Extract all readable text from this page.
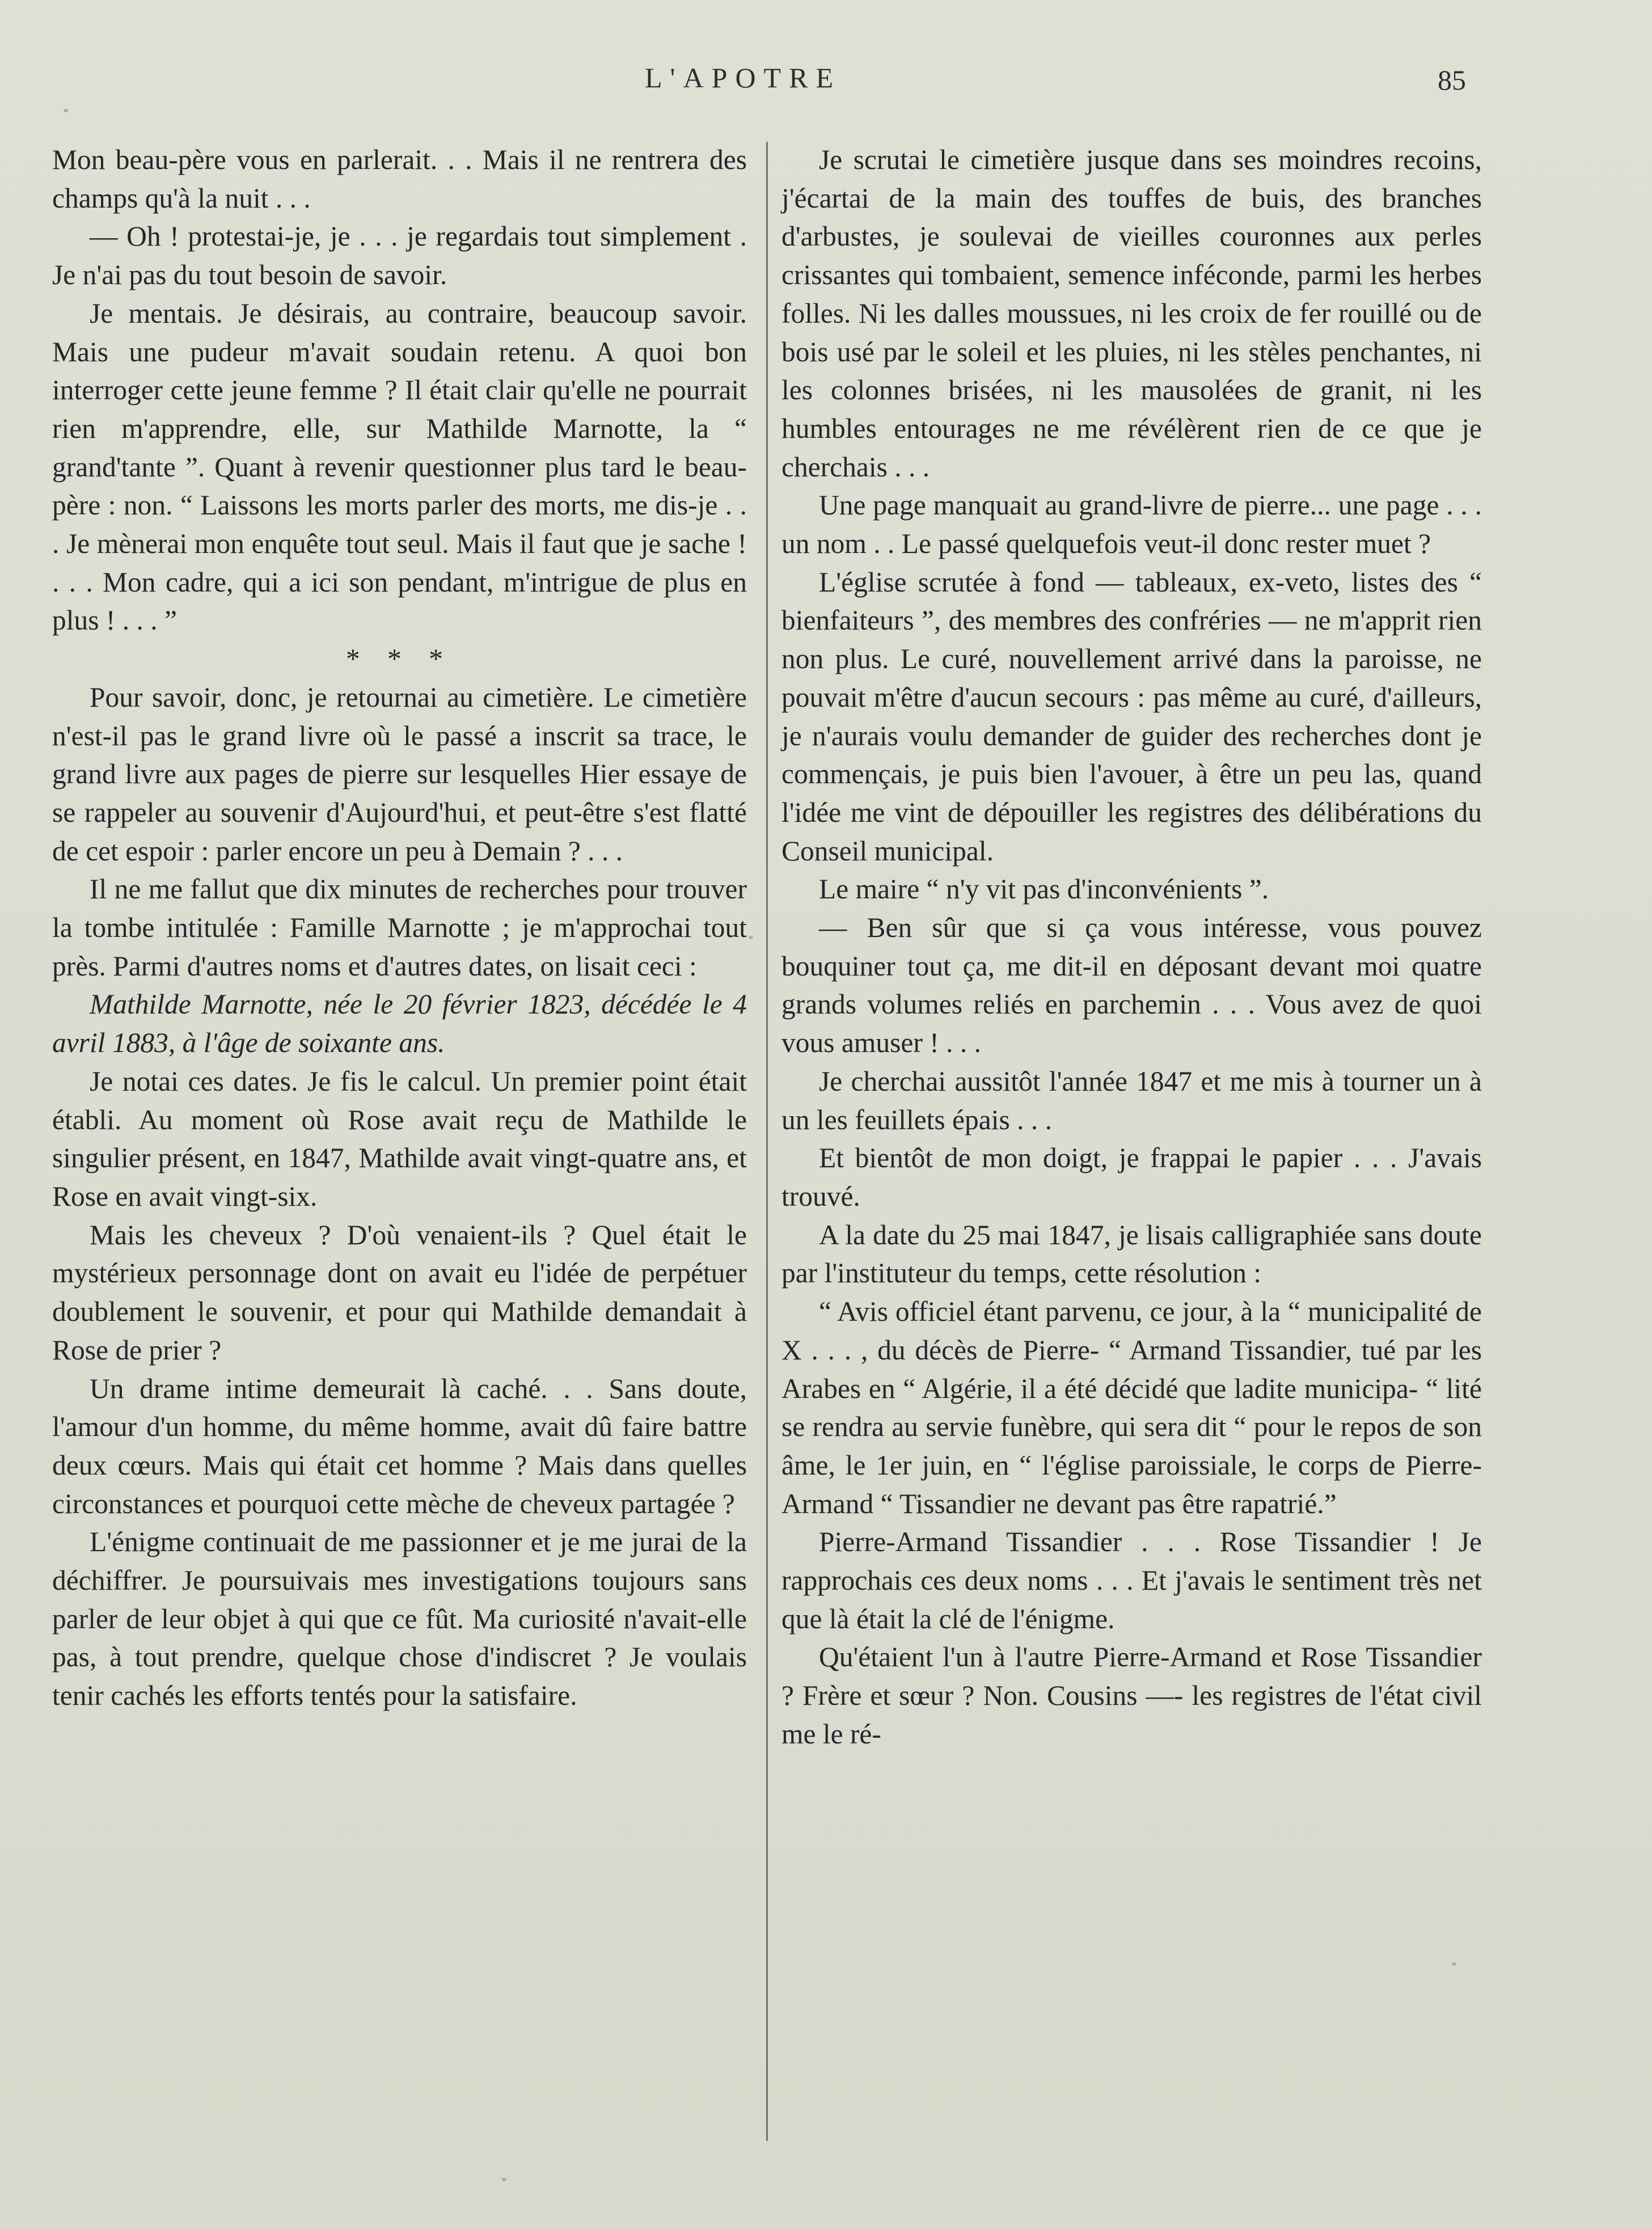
L'APOTRE	85

Mon beau-père vous en parlerait. . . Mais il ne rentrera des champs qu'à la nuit . . .

— Oh ! protestai-je, je . . . je regardais tout simplement . Je n'ai pas du tout besoin de savoir.

Je mentais. Je désirais, au contraire, beaucoup savoir. Mais une pudeur m'avait soudain retenu. A quoi bon interroger cette jeune femme ? Il était clair qu'elle ne pourrait rien m'apprendre, elle, sur Mathilde Marnotte, la “ grand'tante ”. Quant à revenir questionner plus tard le beau-père : non. “ Laissons les morts parler des morts, me dis-je . . . Je mènerai mon enquête tout seul. Mais il faut que je sache ! . . . Mon cadre, qui a ici son pendant, m'intrigue de plus en plus ! . . . ”

* * *

Pour savoir, donc, je retournai au cimetière. Le cimetière n'est-il pas le grand livre où le passé a inscrit sa trace, le grand livre aux pages de pierre sur lesquelles Hier essaye de se rappeler au souvenir d'Aujourd'hui, et peut-être s'est flatté de cet espoir : parler encore un peu à Demain ? . . .

Il ne me fallut que dix minutes de recherches pour trouver la tombe intitulée : Famille Marnotte ; je m'approchai tout près. Parmi d'autres noms et d'autres dates, on lisait ceci :

Mathilde Marnotte, née le 20 février 1823, décédée le 4 avril 1883, à l'âge de soixante ans.

Je notai ces dates. Je fis le calcul. Un premier point était établi. Au moment où Rose avait reçu de Mathilde le singulier présent, en 1847, Mathilde avait vingt-quatre ans, et Rose en avait vingt-six.

Mais les cheveux ? D'où venaient-ils ? Quel était le mystérieux personnage dont on avait eu l'idée de perpétuer doublement le souvenir, et pour qui Mathilde demandait à Rose de prier ?

Un drame intime demeurait là caché. . . Sans doute, l'amour d'un homme, du même homme, avait dû faire battre deux cœurs. Mais qui était cet homme ? Mais dans quelles circonstances et pourquoi cette mèche de cheveux partagée ?

L'énigme continuait de me passionner et je me jurai de la déchiffrer. Je poursuivais mes investigations toujours sans parler de leur objet à qui que ce fût. Ma curiosité n'avait-elle pas, à tout prendre, quelque chose d'indiscret ? Je voulais tenir cachés les efforts tentés pour la satisfaire.

Je scrutai le cimetière jusque dans ses moindres recoins, j'écartai de la main des touffes de buis, des branches d'arbustes, je soulevai de vieilles couronnes aux perles crissantes qui tombaient, semence inféconde, parmi les herbes folles. Ni les dalles moussues, ni les croix de fer rouillé ou de bois usé par le soleil et les pluies, ni les stèles penchantes, ni les colonnes brisées, ni les mausolées de granit, ni les humbles entourages ne me révélèrent rien de ce que je cherchais . . .

Une page manquait au grand-livre de pierre... une page . . . un nom . . Le passé quelquefois veut-il donc rester muet ?

L'église scrutée à fond — tableaux, ex-veto, listes des “ bienfaiteurs ”, des membres des confréries — ne m'apprit rien non plus. Le curé, nouvellement arrivé dans la paroisse, ne pouvait m'être d'aucun secours : pas même au curé, d'ailleurs, je n'aurais voulu demander de guider des recherches dont je commençais, je puis bien l'avouer, à être un peu las, quand l'idée me vint de dépouiller les registres des délibérations du Conseil municipal.

Le maire “ n'y vit pas d'inconvénients ”.

— Ben sûr que si ça vous intéresse, vous pouvez bouquiner tout ça, me dit-il en déposant devant moi quatre grands volumes reliés en parchemin . . . Vous avez de quoi vous amuser ! . . .

Je cherchai aussitôt l'année 1847 et me mis à tourner un à un les feuillets épais . . .

Et bientôt de mon doigt, je frappai le papier . . . J'avais trouvé.

A la date du 25 mai 1847, je lisais calligraphiée sans doute par l'instituteur du temps, cette résolution :

“ Avis officiel étant parvenu, ce jour, à la “ municipalité de X . . . , du décès de Pierre- “ Armand Tissandier, tué par les Arabes en “ Algérie, il a été décidé que ladite municipa- “ lité se rendra au servie funèbre, qui sera dit “ pour le repos de son âme, le 1er juin, en “ l'église paroissiale, le corps de Pierre-Armand “ Tissandier ne devant pas être rapatrié.”

Pierre-Armand Tissandier . . . Rose Tissandier ! Je rapprochais ces deux noms . . . Et j'avais le sentiment très net que là était la clé de l'énigme.

Qu'étaient l'un à l'autre Pierre-Armand et Rose Tissandier ? Frère et sœur ? Non. Cousins —- les registres de l'état civil me le ré-
